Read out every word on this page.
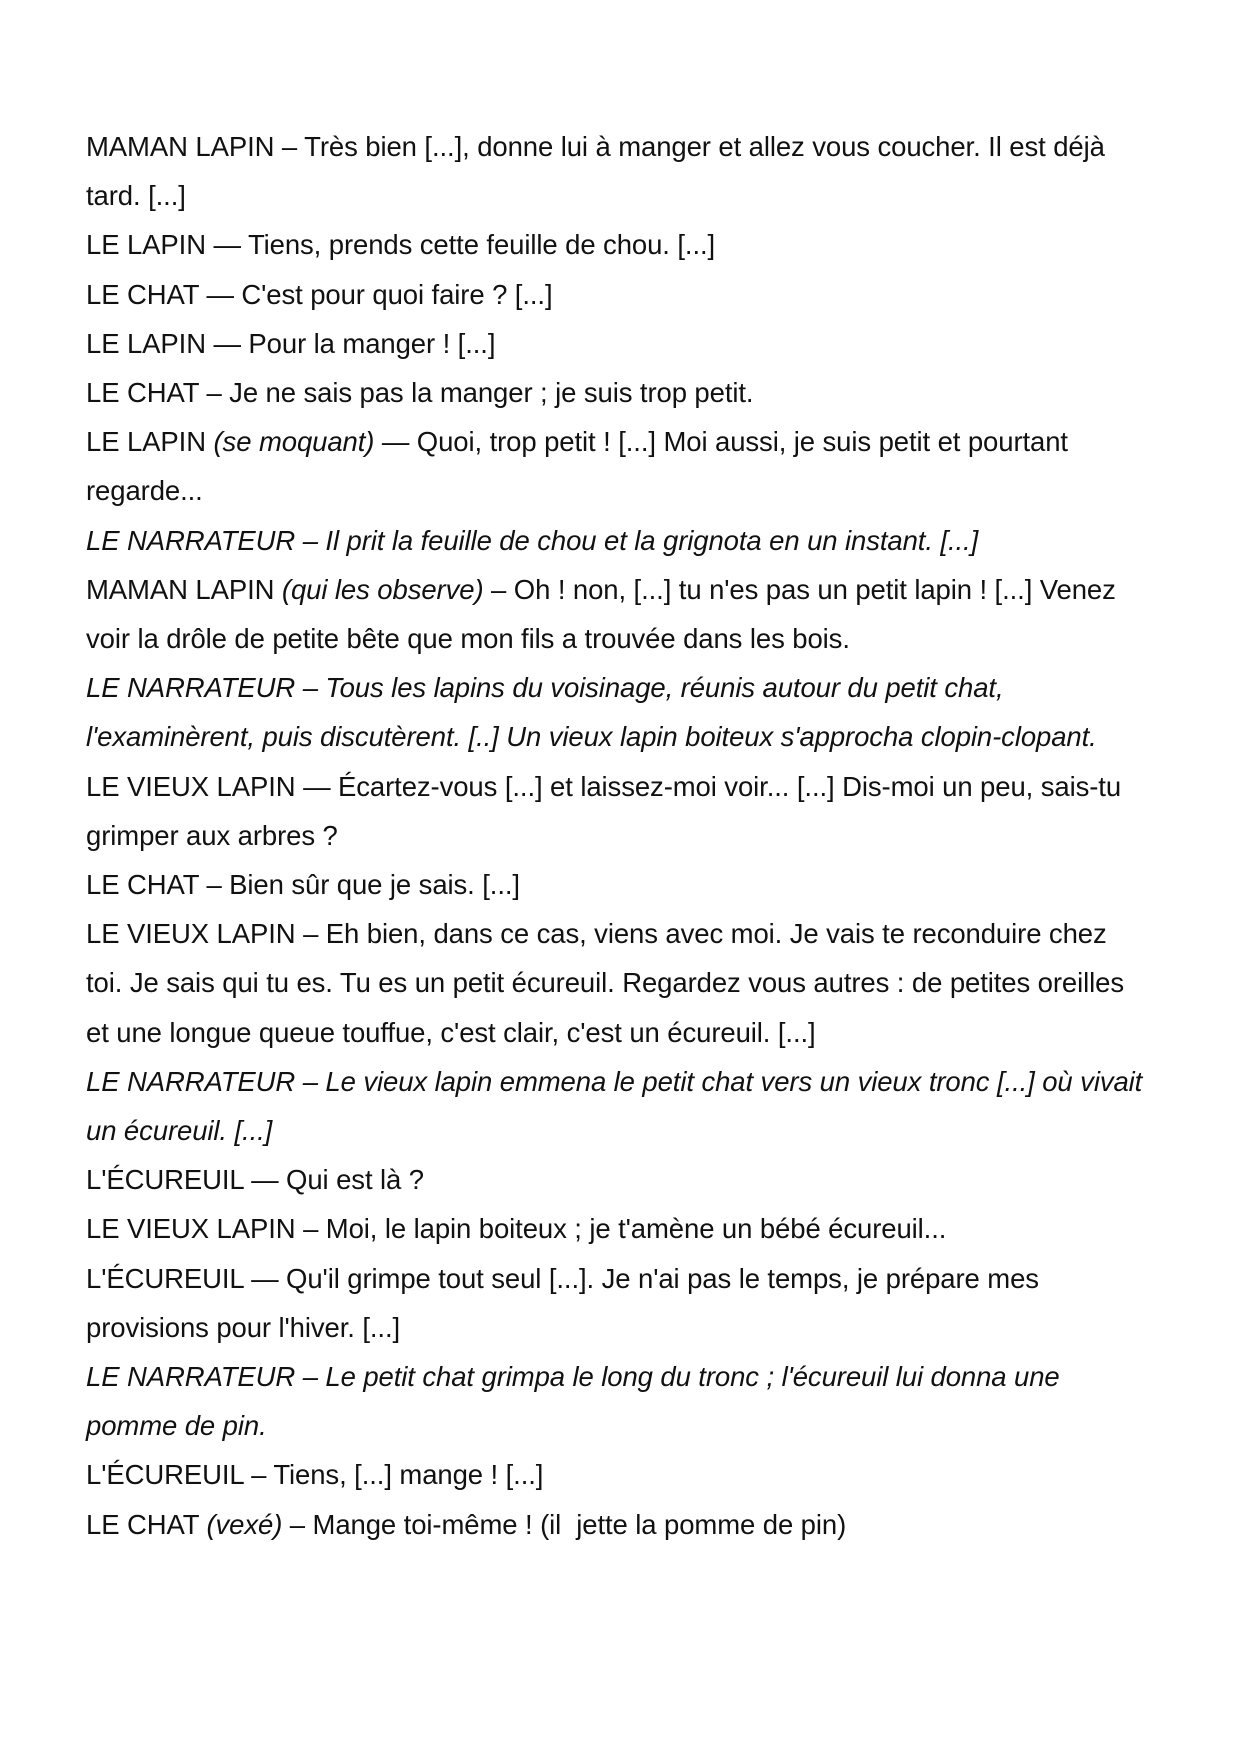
MAMAN LAPIN – Très bien [...], donne lui à manger et allez vous coucher. Il est déjà
tard. [...]
LE LAPIN — Tiens, prends cette feuille de chou. [...]
LE CHAT — C'est pour quoi faire ? [...]
LE LAPIN — Pour la manger ! [...]
LE CHAT – Je ne sais pas la manger ; je suis trop petit.
LE LAPIN (se moquant) — Quoi, trop petit ! [...] Moi aussi, je suis petit et pourtant
regarde...
LE NARRATEUR – Il prit la feuille de chou et la grignota en un instant. [...]
MAMAN LAPIN (qui les observe) – Oh ! non, [...] tu n'es pas un petit lapin ! [...] Venez
voir la drôle de petite bête que mon fils a trouvée dans les bois.
LE NARRATEUR – Tous les lapins du voisinage, réunis autour du petit chat,
l'examinèrent, puis discutèrent. [..] Un vieux lapin boiteux s'approcha clopin-clopant.
LE VIEUX LAPIN — Écartez-vous [...] et laissez-moi voir... [...] Dis-moi un peu, sais-tu
grimper aux arbres ?
LE CHAT – Bien sûr que je sais. [...]
LE VIEUX LAPIN – Eh bien, dans ce cas, viens avec moi. Je vais te reconduire chez
toi. Je sais qui tu es. Tu es un petit écureuil. Regardez vous autres : de petites oreilles
et une longue queue touffue, c'est clair, c'est un écureuil. [...]
LE NARRATEUR – Le vieux lapin emmena le petit chat vers un vieux tronc [...] où vivait
un écureuil. [...]
L'ÉCUREUIL — Qui est là ?
LE VIEUX LAPIN – Moi, le lapin boiteux ; je t'amène un bébé écureuil...
L'ÉCUREUIL — Qu'il grimpe tout seul [...]. Je n'ai pas le temps, je prépare mes
provisions pour l'hiver. [...]
LE NARRATEUR – Le petit chat grimpa le long du tronc ; l'écureuil lui donna une
pomme de pin.
L'ÉCUREUIL – Tiens, [...] mange ! [...]
LE CHAT (vexé) – Mange toi-même ! (il  jette la pomme de pin)
